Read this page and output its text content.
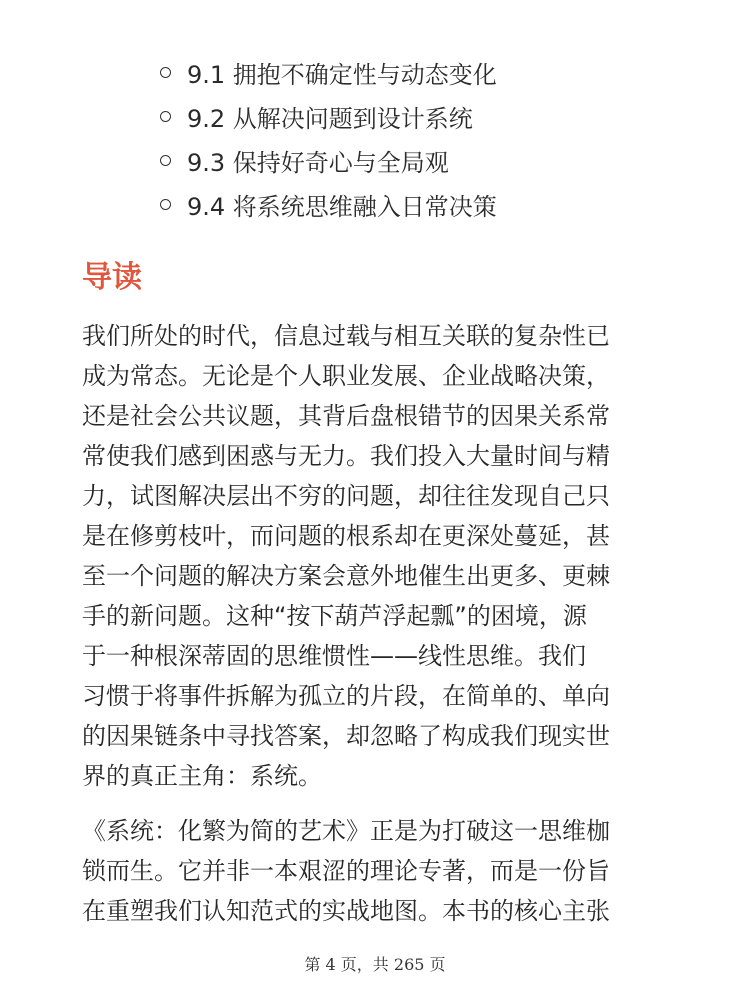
9.1 拥抱不确定性与动态变化
9.2 从解决问题到设计系统
9.3 保持好奇心与全局观
9.4 将系统思维融入日常决策
导读

我们所处的时代，信息过载与相互关联的复杂性已
成为常态。无论是个人职业发展、企业战略决策，
还是社会公共议题，其背后盘根错节的因果关系常
常使我们感到困惑与无力。我们投入大量时间与精
力，试图解决层出不穷的问题，却往往发现自己只
是在修剪枝叶，而问题的根系却在更深处蔓延，甚
至一个问题的解决方案会意外地催生出更多、更棘
手的新问题。这种“按下葫芦浮起瓢”的困境，源
于一种根深蒂固的思维惯性——线性思维。我们
习惯于将事件拆解为孤立的片段，在简单的、单向
的因果链条中寻找答案，却忽略了构成我们现实世
界的真正主角：系统。

《系统：化繁为简的艺术》正是为打破这一思维枷
锁而生。它并非一本艰涩的理论专著，而是一份旨
在重塑我们认知范式的实战地图。本书的核心主张

第 4 页，共 265 页
